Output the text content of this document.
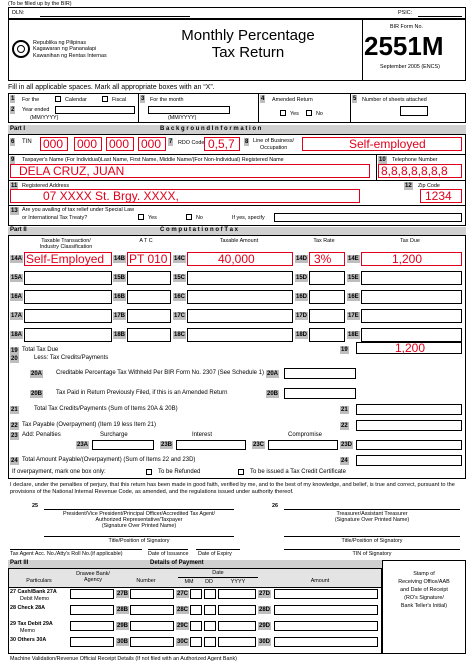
(To be filled up by the BIR)
DLN:	PSIC:
Republika ng Pilipinas
Kagawaran ng Pananalapi
Kawanihan ng Rentas Internas
Monthly Percentage
Tax Return
BIR Form No.
2551M
September 2005 (ENCS)
Fill in all applicable spaces. Mark all appropriate boxes with an “X”.
1 For the	Calendar	Fiscal
2 Year ended
(MM/YYYY)
3 For the month
(MM/YYYY)
4 Amended Return
Yes	No
5 Number of sheets attached
Part I	B a c k g r o u n d I n f o r m a t i o n
6 TIN 000 000 000 000 7 RDO Code 0,5,7 8 Line of Business/
Occupation	Self-employed
9 Taxpayer's Name (For Individual)Last Name, First Name, Middle Name/(For Non-Individual) Registered Name
DELA CRUZ, JUAN
10 Telephone Number
8,8,8,8,8,8,8
11 Registered Address
07 XXXX St. Brgy. XXXX,
12 Zip Code
1234
13 Are you availing of tax relief under Special Law
or International Tax Treaty?	Yes	No	If yes, specify
Part II	C o m p u t a t i o n o f T a x
Taxable Transaction/
Industry Classification
A T C	Taxable Amount	Tax Rate	Tax Due
14A Self-Employed 14B PT 010 14C	40,000	14D 3%	14E	1,200
15A	15B	15C	15D	15E
16A	16B	16C	16D	16E
17A	17B	17C	17D	17E
18A	18B	18C	18D	18E
19 Total Tax Due	19	1,200
20	Less: Tax Credits/Payments
20A Creditable Percentage Tax Withheld Per BIR Form No. 2307 (See Schedule 1) 20A
20B Tax Paid in Return Previously Filed, if this is an Amended Return	20B
21	Total Tax Credits/Payments (Sum of Items 20A & 20B)	21
22 Tax Payable (Overpayment) (Item 19 less Item 21)	22
23 Add: Penalties	Surcharge	Interest	Compromise
23A	23B	23C	23D
24 Total Amount Payable/(Overpayment) (Sum of Items 22 and 23D)	24
If overpayment, mark one box only:	To be Refunded	To be issued a Tax Credit Certificate
I declare, under the penalties of perjury, that this return has been made in good faith, verified by me, and to the best of my knowledge, and belief, is true and correct, pursuant to the provisions of the National Internal Revenue Code, as amended, and the regulations issued under authority thereof.
25
President/Vice President/Principal Officer/Accredited Tax Agent/
Authorized Representative/Taxpayer
(Signature Over Printed Name)
26
Treasurer/Assistant Treasurer
(Signature Over Printed Name)
Title/Position of Signatory	Title/Position of Signatory
Tax Agent Acc. No./Atty's Roll No.(if applicable)	Date of Issuance Date of Expiry	TIN of Signatory
Part III	Details of Payment
Stamp of
Receiving Office/AAB
and Date of Receipt
(RO's Signature/
Bank Teller's Initial)
Particulars
Drawee Bank/
Agency	Number
Date
MM	DD	YYYY	Amount
27 Cash/Bank 27A
Debit Memo
27B	27C	27D
28 Check 28A	28B	28C	28D
29 Tax Debit 29A
Memo
29B	29C	29D
30 Others 30A	30B	30C	30D
Machine Validation/Revenue Official Receipt Details (If not filed with an Authorized Agent Bank)
